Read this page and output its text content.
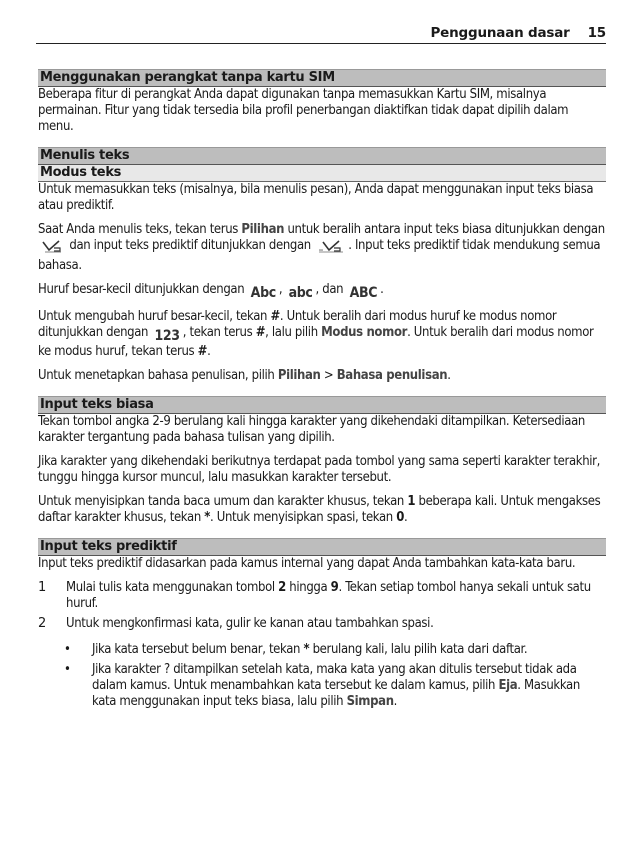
Penggunaan dasar 15
Menggunakan perangkat tanpa kartu SIM

Beberapa fitur di perangkat Anda dapat digunakan tanpa memasukkan Kartu SIM, misalnya permainan. Fitur yang tidak tersedia bila profil penerbangan diaktifkan tidak dapat dipilih dalam menu.

Menulis teks
Modus teks

Untuk memasukkan teks (misalnya, bila menulis pesan), Anda dapat menggunakan input teks biasa atau prediktif.

Saat Anda menulis teks, tekan terus Pilihan untuk beralih antara input teks biasa ditunjukkan dengan  dan input teks prediktif ditunjukkan dengan	. Input teks prediktif tidak mendukung semua bahasa.

Huruf besar-kecil ditunjukkan dengan Abc , abc , dan ABC .

Untuk mengubah huruf besar-kecil, tekan #. Untuk beralih dari modus huruf ke modus nomor ditunjukkan dengan 123 , tekan terus #, lalu pilih Modus nomor. Untuk beralih dari modus nomor ke modus huruf, tekan terus #.

Untuk menetapkan bahasa penulisan, pilih Pilihan > Bahasa penulisan.

Input teks biasa

Tekan tombol angka 2-9 berulang kali hingga karakter yang dikehendaki ditampilkan. Ketersediaan karakter tergantung pada bahasa tulisan yang dipilih.

Jika karakter yang dikehendaki berikutnya terdapat pada tombol yang sama seperti karakter terakhir, tunggu hingga kursor muncul, lalu masukkan karakter tersebut.

Untuk menyisipkan tanda baca umum dan karakter khusus, tekan 1 beberapa kali. Untuk mengakses daftar karakter khusus, tekan *. Untuk menyisipkan spasi, tekan 0.

Input teks prediktif

Input teks prediktif didasarkan pada kamus internal yang dapat Anda tambahkan kata-kata baru.

1	Mulai tulis kata menggunakan tombol 2 hingga 9. Tekan setiap tombol hanya sekali untuk satu huruf.

2	Untuk mengkonfirmasi kata, gulir ke kanan atau tambahkan spasi.

•	Jika kata tersebut belum benar, tekan * berulang kali, lalu pilih kata dari daftar.

•	Jika karakter ? ditampilkan setelah kata, maka kata yang akan ditulis tersebut tidak ada dalam kamus. Untuk menambahkan kata tersebut ke dalam kamus, pilih Eja. Masukkan kata menggunakan input teks biasa, lalu pilih Simpan.
